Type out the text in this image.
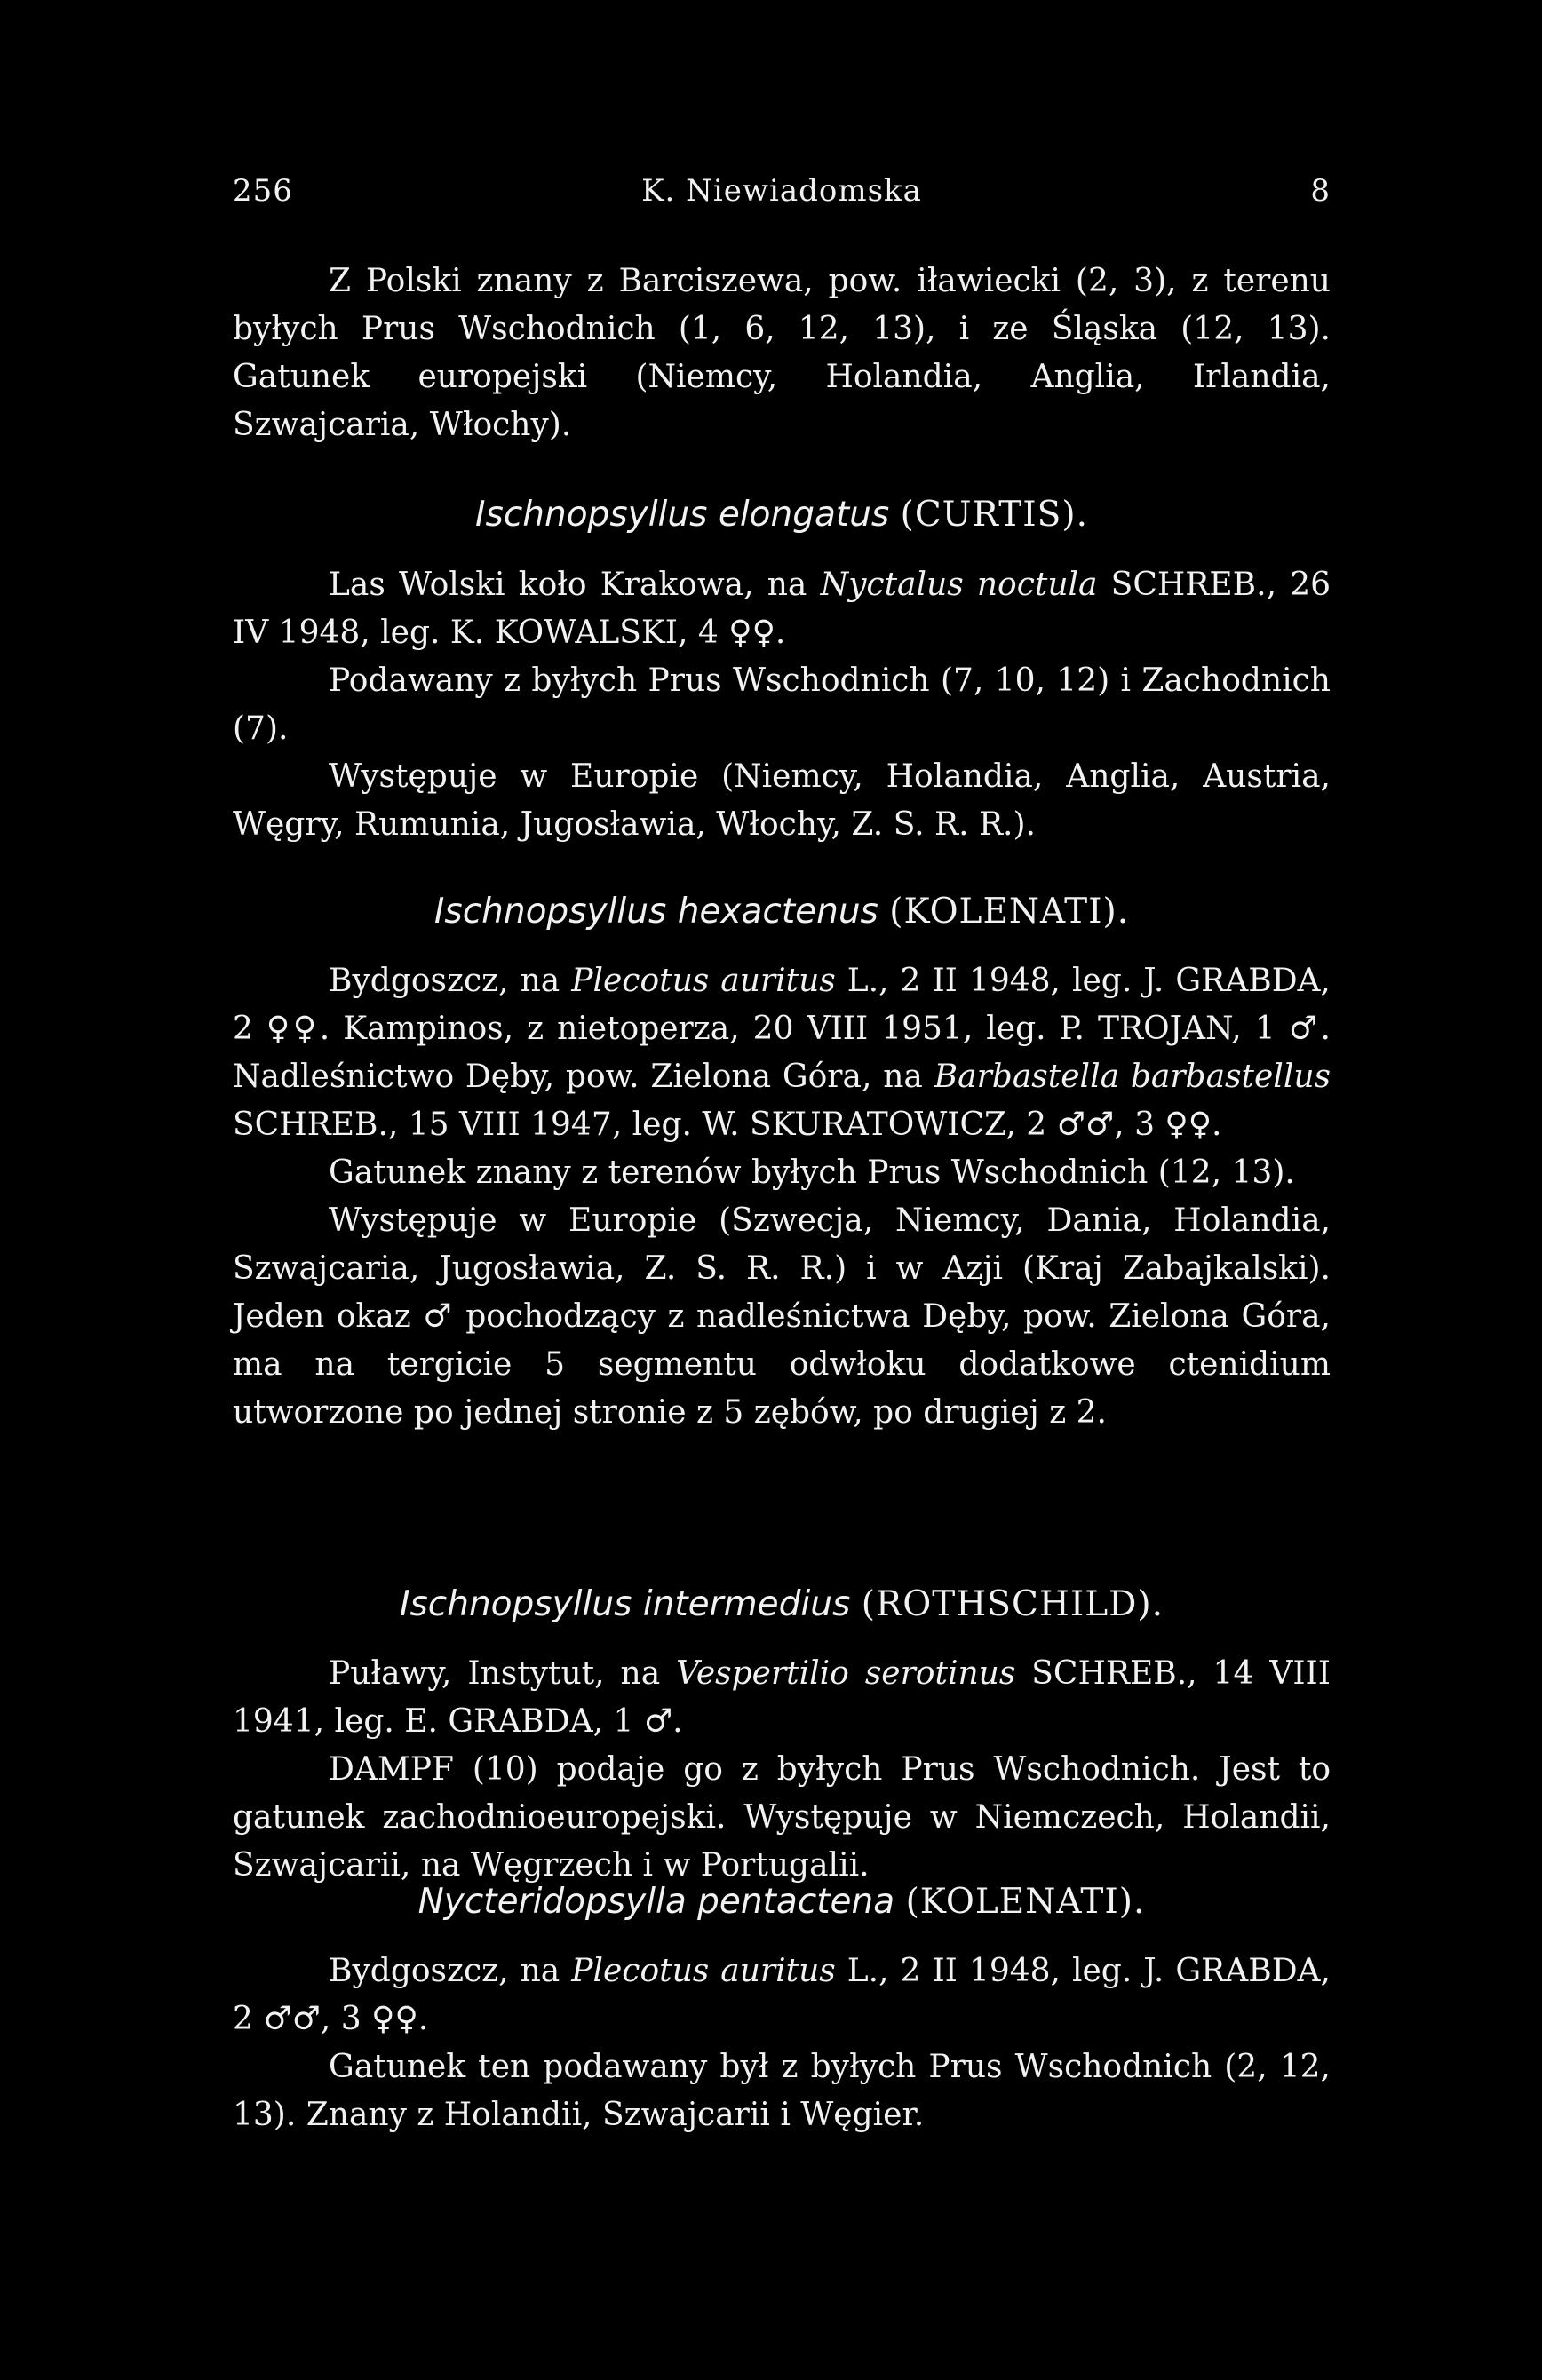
256	K. Niewiadomska	8

Z Polski znany z Barciszewa, pow. iławiecki (2, 3), z terenu byłych Prus Wschodnich (1, 6, 12, 13), i ze Śląska (12, 13). Gatunek europejski (Niemcy, Holandia, Anglia, Irlandia, Szwajcaria, Włochy).

Ischnopsyllus elongatus (CURTIS).

Las Wolski koło Krakowa, na Nyctalus noctula SCHREB., 26 IV 1948, leg. K. KOWALSKI, 4 ♀♀.

Podawany z byłych Prus Wschodnich (7, 10, 12) i Zachodnich (7).

Występuje w Europie (Niemcy, Holandia, Anglia, Austria, Węgry, Rumunia, Jugosławia, Włochy, Z. S. R. R.).

Ischnopsyllus hexactenus (KOLENATI).

Bydgoszcz, na Plecotus auritus L., 2 II 1948, leg. J. GRABDA, 2 ♀♀. Kampinos, z nietoperza, 20 VIII 1951, leg. P. TROJAN, 1 ♂. Nadleśnictwo Dęby, pow. Zielona Góra, na Barbastella barbastellus SCHREB., 15 VIII 1947, leg. W. SKURATOWICZ, 2 ♂♂, 3 ♀♀.

Gatunek znany z terenów byłych Prus Wschodnich (12, 13).

Występuje w Europie (Szwecja, Niemcy, Dania, Holandia, Szwajcaria, Jugosławia, Z. S. R. R.) i w Azji (Kraj Zabajkalski). Jeden okaz ♂ pochodzący z nadleśnictwa Dęby, pow. Zielona Góra, ma na tergicie 5 segmentu odwłoku dodatkowe ctenidium utworzone po jednej stronie z 5 zębów, po drugiej z 2.

Ischnopsyllus intermedius (ROTHSCHILD).

Puławy, Instytut, na Vespertilio serotinus SCHREB., 14 VIII 1941, leg. E. GRABDA, 1 ♂.

DAMPF (10) podaje go z byłych Prus Wschodnich. Jest to gatunek zachodnioeuropejski. Występuje w Niemczech, Holandii, Szwajcarii, na Węgrzech i w Portugalii.

Nycteridopsylla pentactena (KOLENATI).

Bydgoszcz, na Plecotus auritus L., 2 II 1948, leg. J. GRABDA, 2 ♂♂, 3 ♀♀.

Gatunek ten podawany był z byłych Prus Wschodnich (2, 12, 13). Znany z Holandii, Szwajcarii i Węgier.
